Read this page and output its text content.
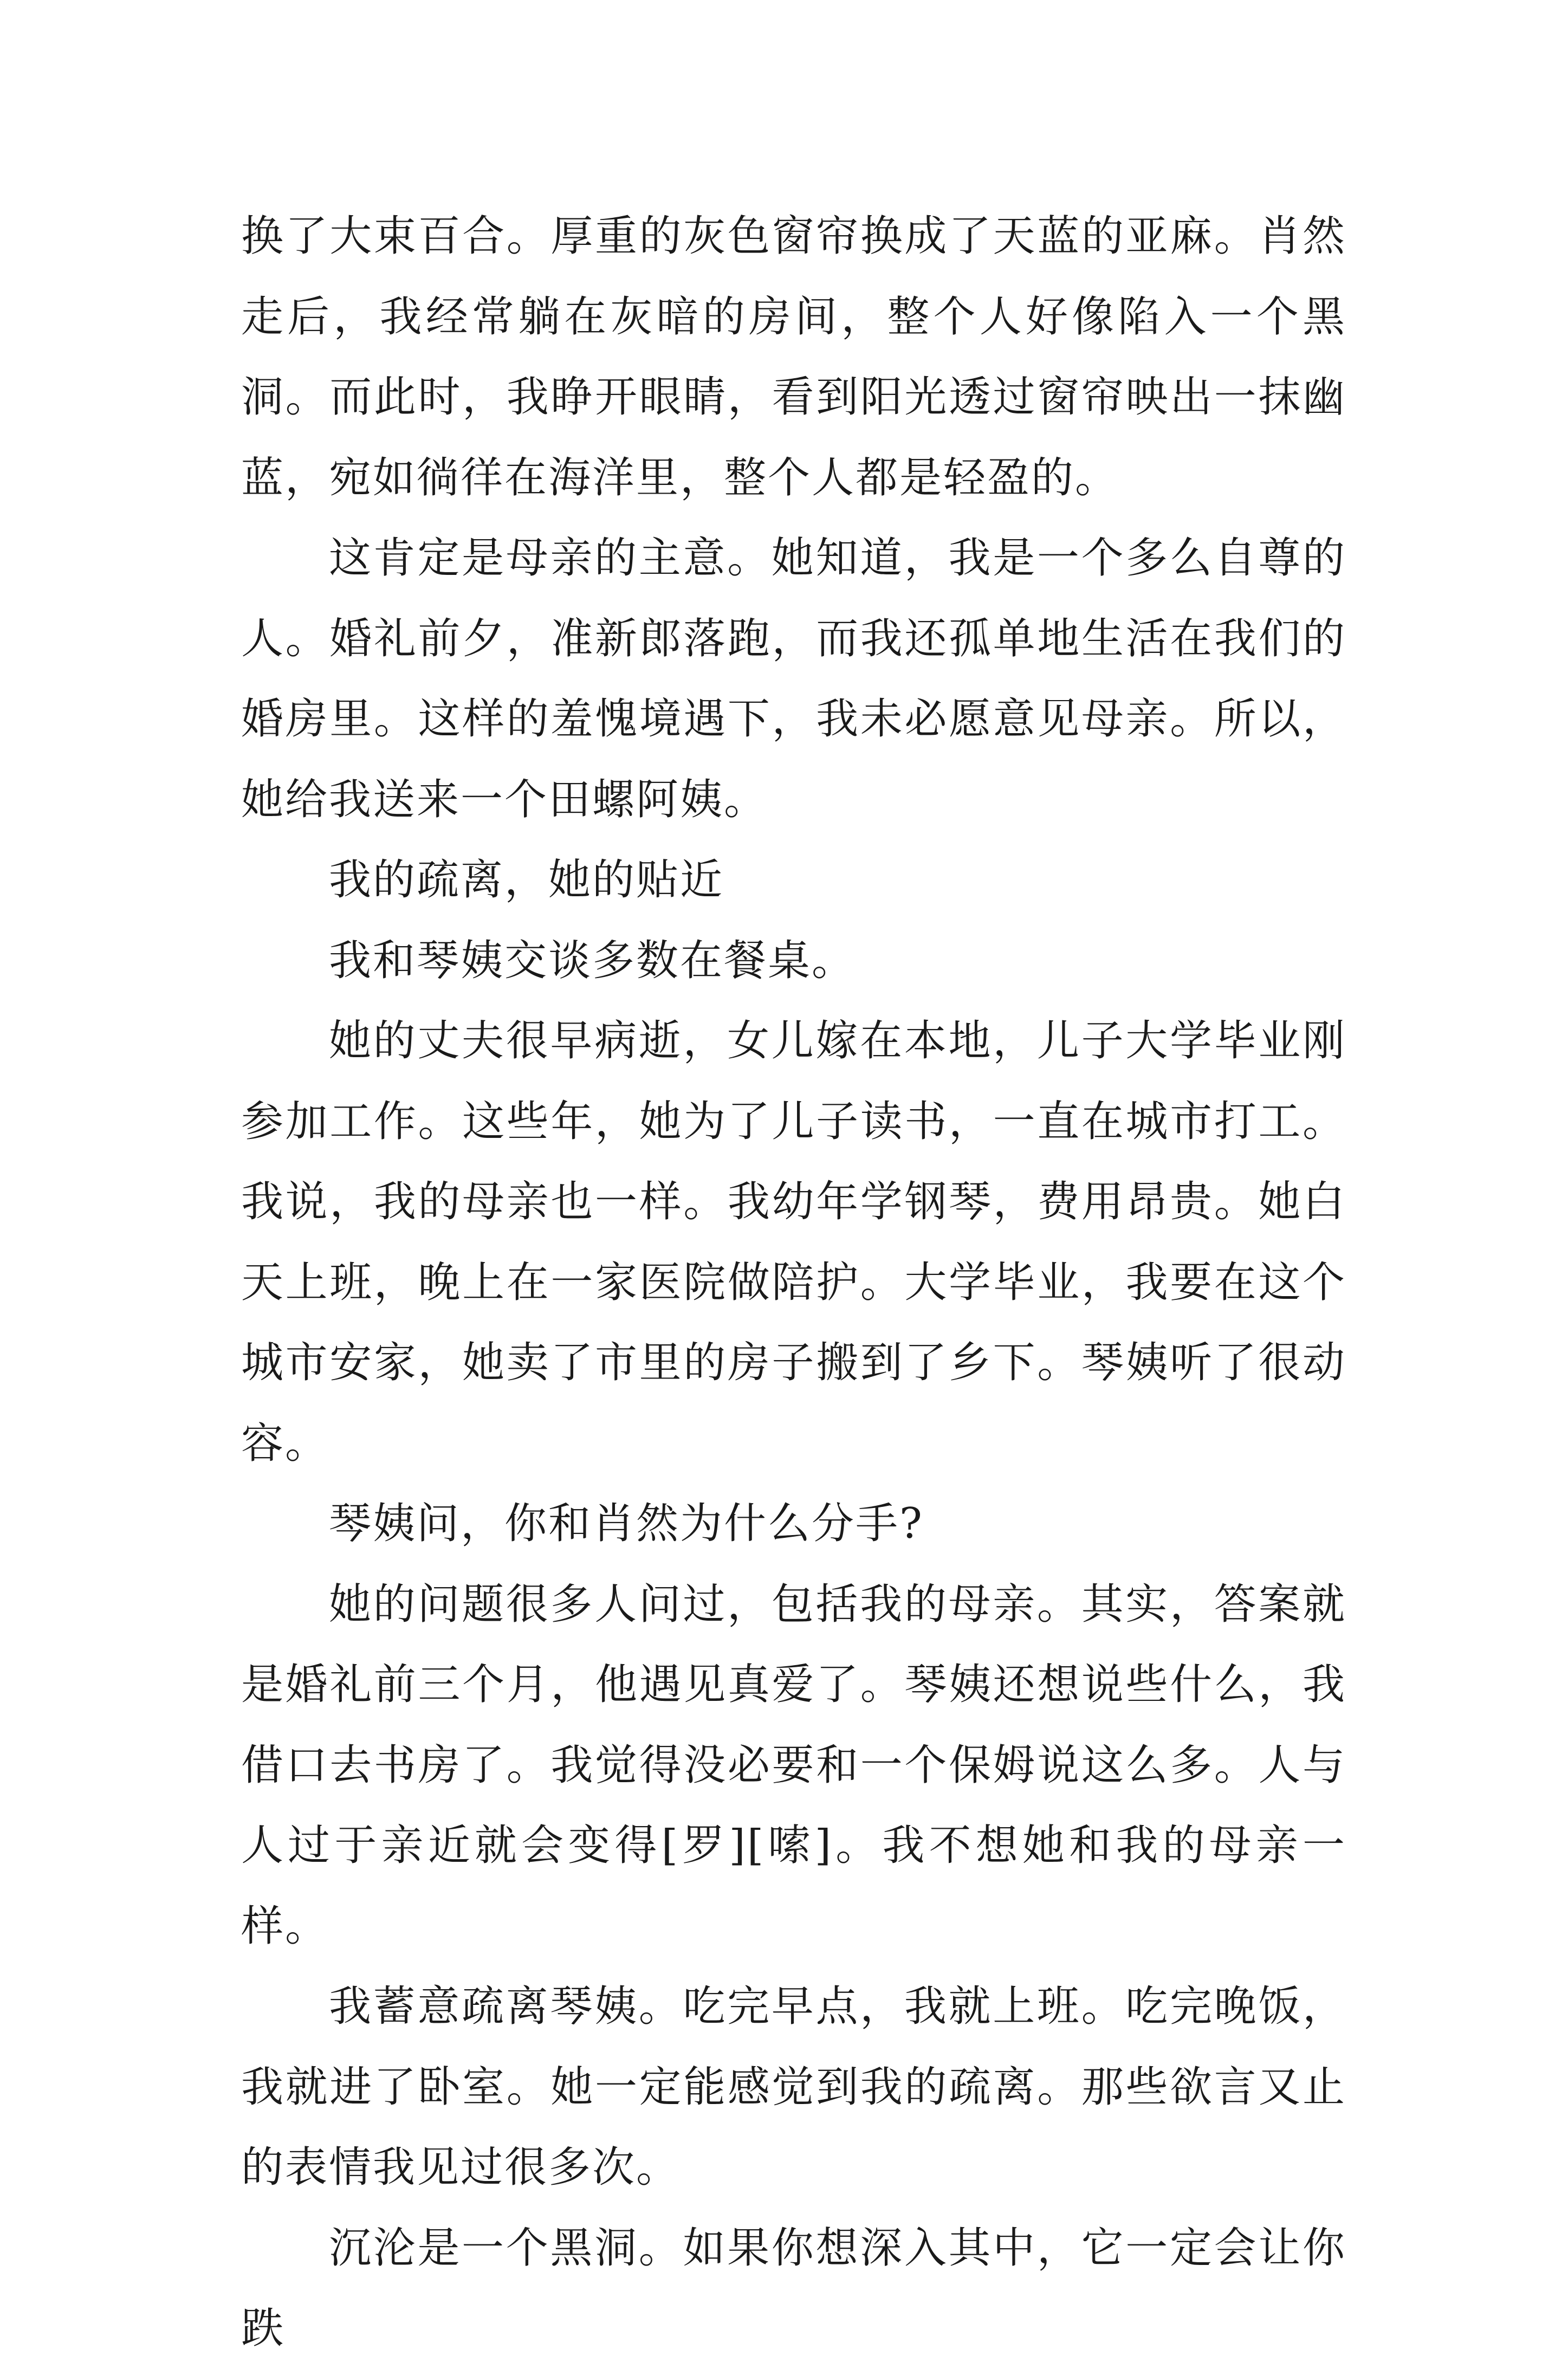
换了大束百合。厚重的灰色窗帘换成了天蓝的亚麻。肖然走后，我经常躺在灰暗的房间，整个人好像陷入一个黑洞。而此时，我睁开眼睛，看到阳光透过窗帘映出一抹幽蓝，宛如徜徉在海洋里，整个人都是轻盈的。

这肯定是母亲的主意。她知道，我是一个多么自尊的人。婚礼前夕，准新郎落跑，而我还孤单地生活在我们的婚房里。这样的羞愧境遇下，我未必愿意见母亲。所以，她给我送来一个田螺阿姨。

我的疏离，她的贴近

我和琴姨交谈多数在餐桌。

她的丈夫很早病逝，女儿嫁在本地，儿子大学毕业刚参加工作。这些年，她为了儿子读书，一直在城市打工。我说，我的母亲也一样。我幼年学钢琴，费用昂贵。她白天上班，晚上在一家医院做陪护。大学毕业，我要在这个城市安家，她卖了市里的房子搬到了乡下。琴姨听了很动容。

琴姨问，你和肖然为什么分手?

她的问题很多人问过，包括我的母亲。其实，答案就是婚礼前三个月，他遇见真爱了。琴姨还想说些什么，我借口去书房了。我觉得没必要和一个保姆说这么多。人与人过于亲近就会变得[罗][嗦]。我不想她和我的母亲一样。

我蓄意疏离琴姨。吃完早点，我就上班。吃完晚饭，我就进了卧室。她一定能感觉到我的疏离。那些欲言又止的表情我见过很多次。

沉沦是一个黑洞。如果你想深入其中，它一定会让你跌
